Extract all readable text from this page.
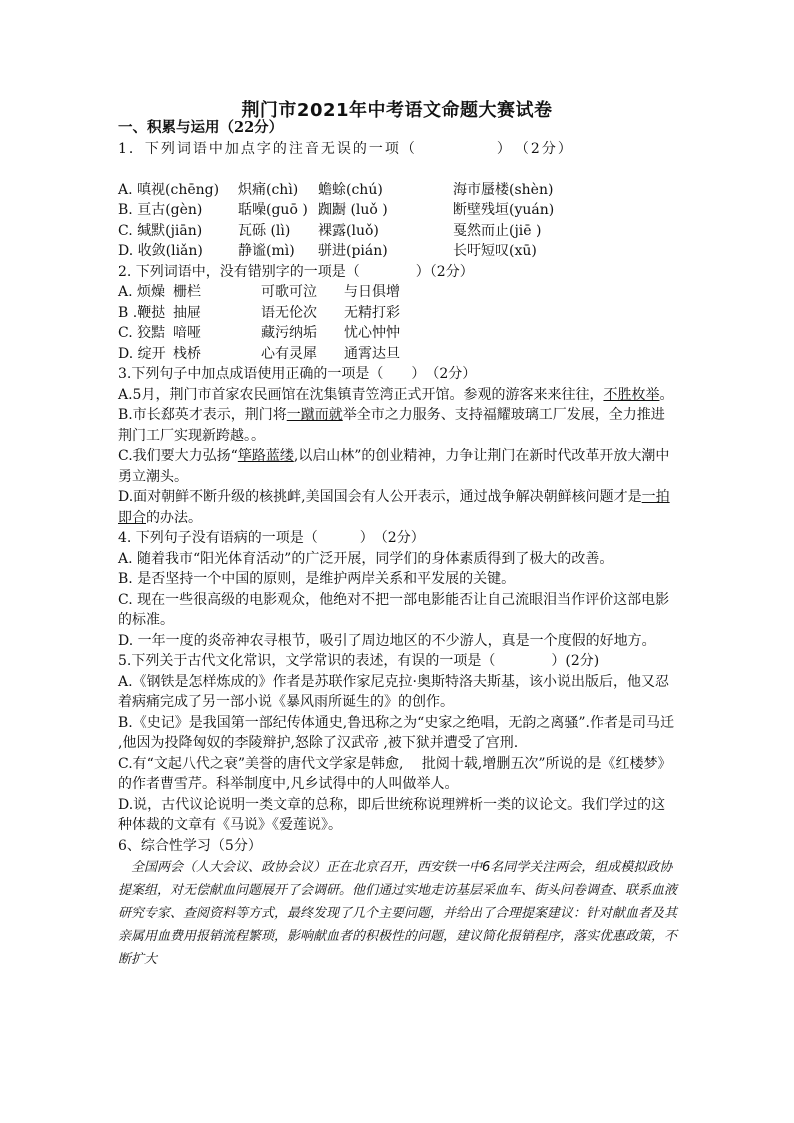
荆门市2021年中考语文命题大赛试卷

一、积累与运用（22分）

1．下列词语中加点字的注音无误的一项（　　　　　）　（2分）

A. 嗔视(chēng)	炽痛(chì)	蟾蜍(chú)	海市蜃楼(shèn)
B. 亘古(gèn)	聒噪(guō ) 踟蹰 (luǒ )	断壁残垣(yuán)
C. 缄默(jiān)	瓦砾 (lì)	裸露(luǒ)	戛然而止(jiē )
D. 收敛(liǎn)	静谧(mì)	骈进(pián)	长吁短叹(xū)

2. 下列词语中，没有错别字的一项是（　　　　）（2分）

A. 烦燥 栅栏	可歌可泣	与日俱增
B .鞭挞 抽屉	语无伦次	无精打彩
C. 狡黠 喑哑	藏污纳垢	忧心忡忡
D. 绽开 栈桥	心有灵犀	通霄达旦

3.下列句子中加点成语使用正确的一项是（　　）　（2分）

A.5月，荆门市首家农民画馆在沈集镇青笠湾正式开馆。参观的游客来来往往，不胜枚举。

B.市长郄英才表示，荆门将一蹴而就举全市之力服务、支持福耀玻璃工厂发展，全力推进荆门工厂实现新跨越。。

C.我们要大力弘扬“筚路蓝缕,以启山林”的创业精神，力争让荆门在新时代改革开放大潮中勇立潮头。

D.面对朝鲜不断升级的核挑衅,美国国会有人公开表示，通过战争解决朝鲜核问题才是一拍即合的办法。

4. 下列句子没有语病的一项是（　　　）　（2分）

A. 随着我市“阳光体育活动”的广泛开展，同学们的身体素质得到了极大的改善。

B. 是否坚持一个中国的原则，是维护两岸关系和平发展的关键。

C. 现在一些很高级的电影观众，他绝对不把一部电影能否让自己流眼泪当作评价这部电影的标准。

D. 一年一度的炎帝神农寻根节，吸引了周边地区的不少游人，真是一个度假的好地方。

5.下列关于古代文化常识，文学常识的表述，有误的一项是（　　　　）(2分)

A.《钢铁是怎样炼成的》作者是苏联作家尼克拉·奥斯特洛夫斯基，该小说出版后，他又忍着病痛完成了另一部小说《暴风雨所诞生的》的创作。

B.《史记》是我国第一部纪传体通史,鲁迅称之为“史家之绝唱，无韵之离骚”.作者是司马迁 ,他因为投降匈奴的李陵辩护,怒除了汉武帝 ,被下狱并遭受了宫刑.

C.有“文起八代之衰”美誉的唐代文学家是韩愈,　 批阅十载,增删五次”所说的是《红楼梦》的作者曹雪芹。科举制度中,凡乡试得中的人叫做举人。

D.说，古代议论说明一类文章的总称，即后世统称说理辨析一类的议论文。我们学过的这种体裁的文章有《马说》《爱莲说》。

6、综合性学习（5分）

　全国两会（人大会议、政协会议）正在北京召开，西安铁一中6名同学关注两会，组成模拟政协提案组，对无偿献血问题展开了会调研。他们通过实地走访基层采血车、街头问卷调查、联系血液研究专家、查阅资料等方式，最终发现了几个主要问题，并给出了合理提案建议：针对献血者及其亲属用血费用报销流程繁琐，影响献血者的积极性的问题，建议简化报销程序，落实优惠政策，不断扩大
